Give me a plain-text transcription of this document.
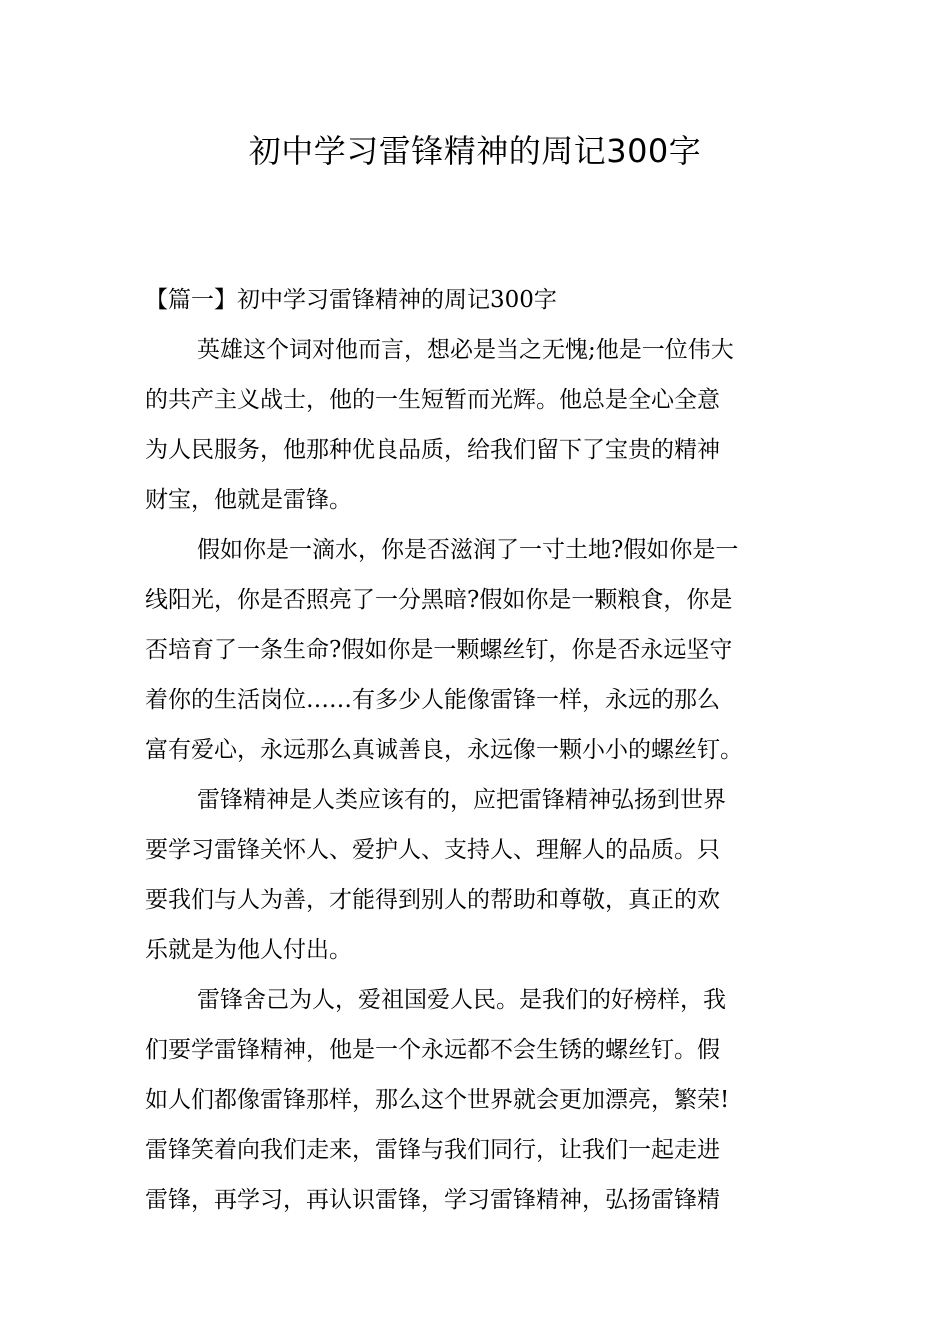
初中学习雷锋精神的周记300字
【篇一】初中学习雷锋精神的周记300字
英雄这个词对他而言，想必是当之无愧;他是一位伟大
的共产主义战士，他的一生短暂而光辉。他总是全心全意
为人民服务，他那种优良品质，给我们留下了宝贵的精神
财宝，他就是雷锋。
假如你是一滴水，你是否滋润了一寸土地?假如你是一
线阳光，你是否照亮了一分黑暗?假如你是一颗粮食，你是
否培育了一条生命?假如你是一颗螺丝钉，你是否永远坚守
着你的生活岗位……有多少人能像雷锋一样，永远的那么
富有爱心，永远那么真诚善良，永远像一颗小小的螺丝钉。
雷锋精神是人类应该有的，应把雷锋精神弘扬到世界
要学习雷锋关怀人、爱护人、支持人、理解人的品质。只
要我们与人为善，才能得到别人的帮助和尊敬，真正的欢
乐就是为他人付出。
雷锋舍己为人，爱祖国爱人民。是我们的好榜样，我
们要学雷锋精神，他是一个永远都不会生锈的螺丝钉。假
如人们都像雷锋那样，那么这个世界就会更加漂亮，繁荣!
雷锋笑着向我们走来，雷锋与我们同行，让我们一起走进
雷锋，再学习，再认识雷锋，学习雷锋精神，弘扬雷锋精
